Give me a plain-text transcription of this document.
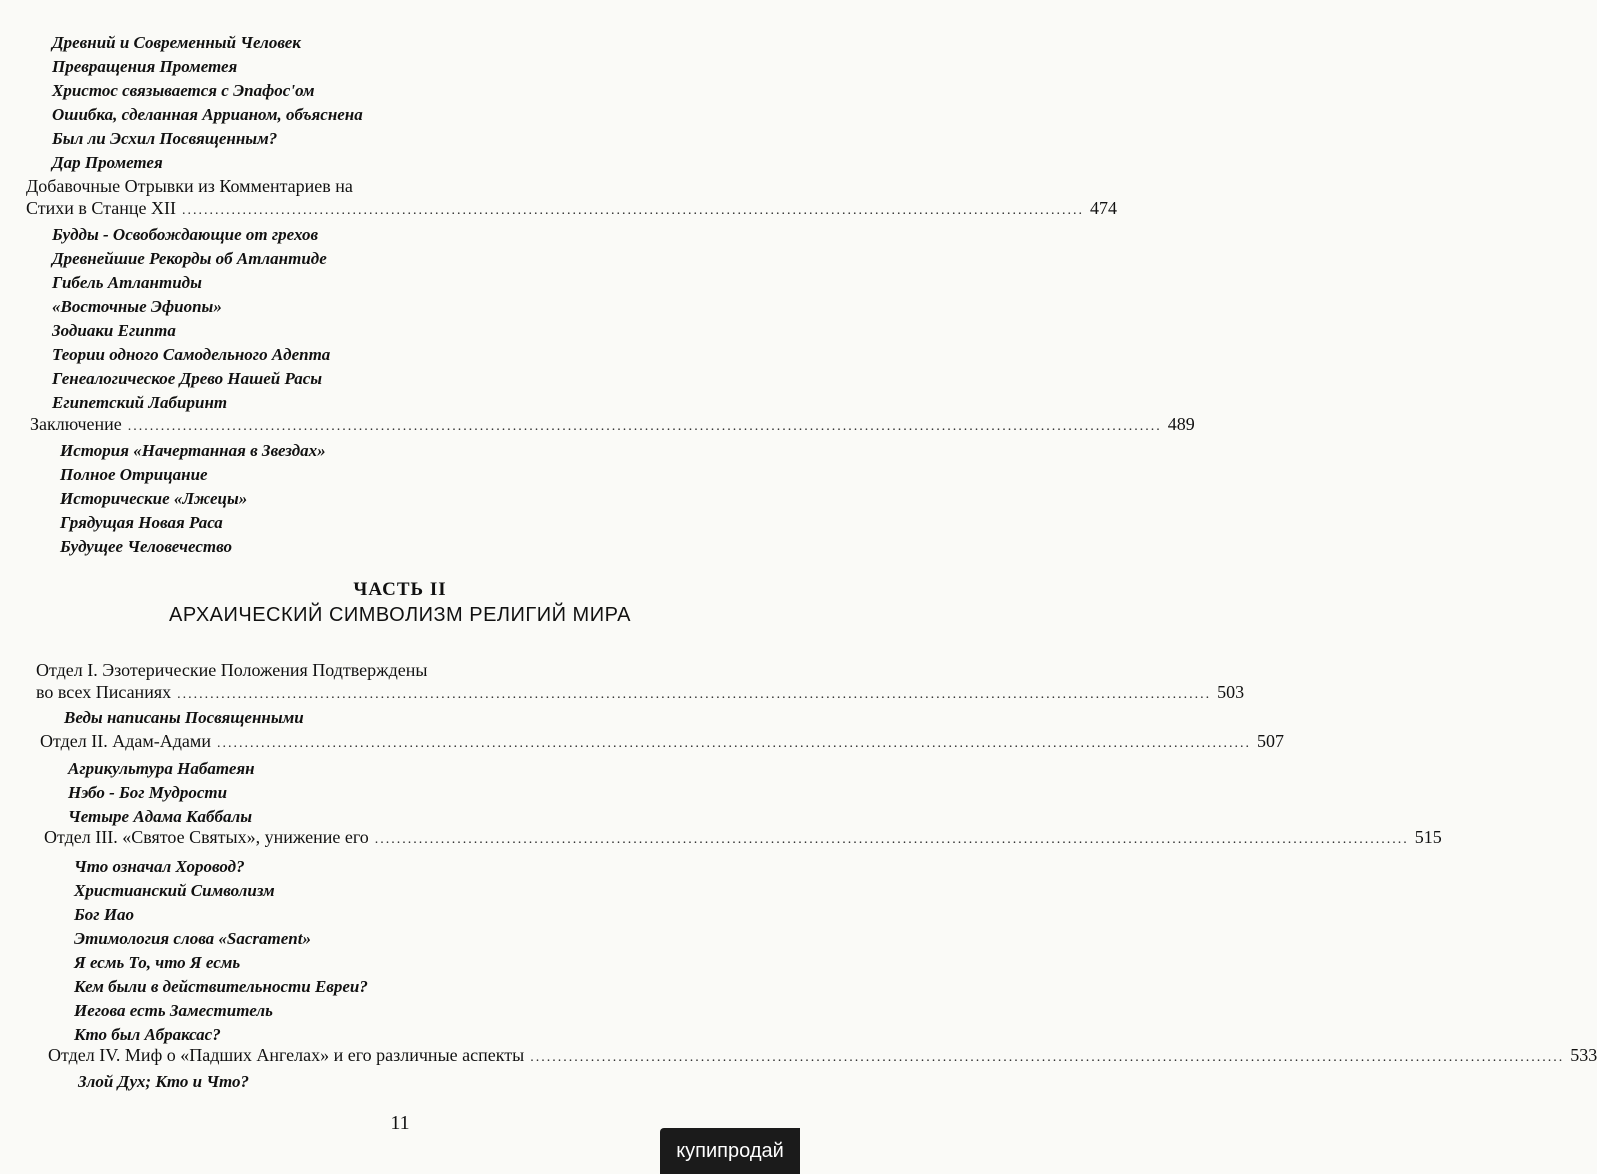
Древний и Современный Человек
Превращения Прометея
Христос связывается с Эпафос'ом
Ошибка, сделанная Аррианом, объяснена
Был ли Эсхил Посвященным?
Дар Прометея
Добавочные Отрывки из Комментариев на
Стихи в Станце XII .................................................................................................................................................................... 474
Будды - Освобождающие от грехов
Древнейшие Рекорды об Атлантиде
Гибель Атлантиды
«Восточные Эфиопы»
Зодиаки Египта
Теории одного Самодельного Адепта
Генеалогическое Древо Нашей Расы
Египетский Лабиринт
Заключение ............................................................................................................................................................................................ 489
История «Начертанная в Звездах»
Полное Отрицание
Исторические «Лжецы»
Грядущая Новая Раса
Будущее Человечество
ЧАСТЬ II
АРХАИЧЕСКИЙ СИМВОЛИЗМ РЕЛИГИЙ МИРА
Отдел I. Эзотерические Положения Подтверждены
во всех Писаниях ............................................................................................................................................................................................ 503
Веды написаны Посвященными
Отдел II. Адам-Адами ............................................................................................................................................................................................ 507
Агрикультура Набатеян
Нэбо - Бог Мудрости
Четыре Адама Каббалы
Отдел III. «Святое Святых», унижение его ............................................................................................................................................................................................ 515
Что означал Хоровод?
Христианский Символизм
Бог Иао
Этимология слова «Sacrament»
Я есмь То, что Я есмь
Кем были в действительности Евреи?
Иегова есть Заместитель
Кто был Абраксас?
Отдел IV. Миф о «Падших Ангелах» и его различные аспекты ............................................................................................................................................................................................ 533
Злой Дух; Кто и Что?
11
купипродай
